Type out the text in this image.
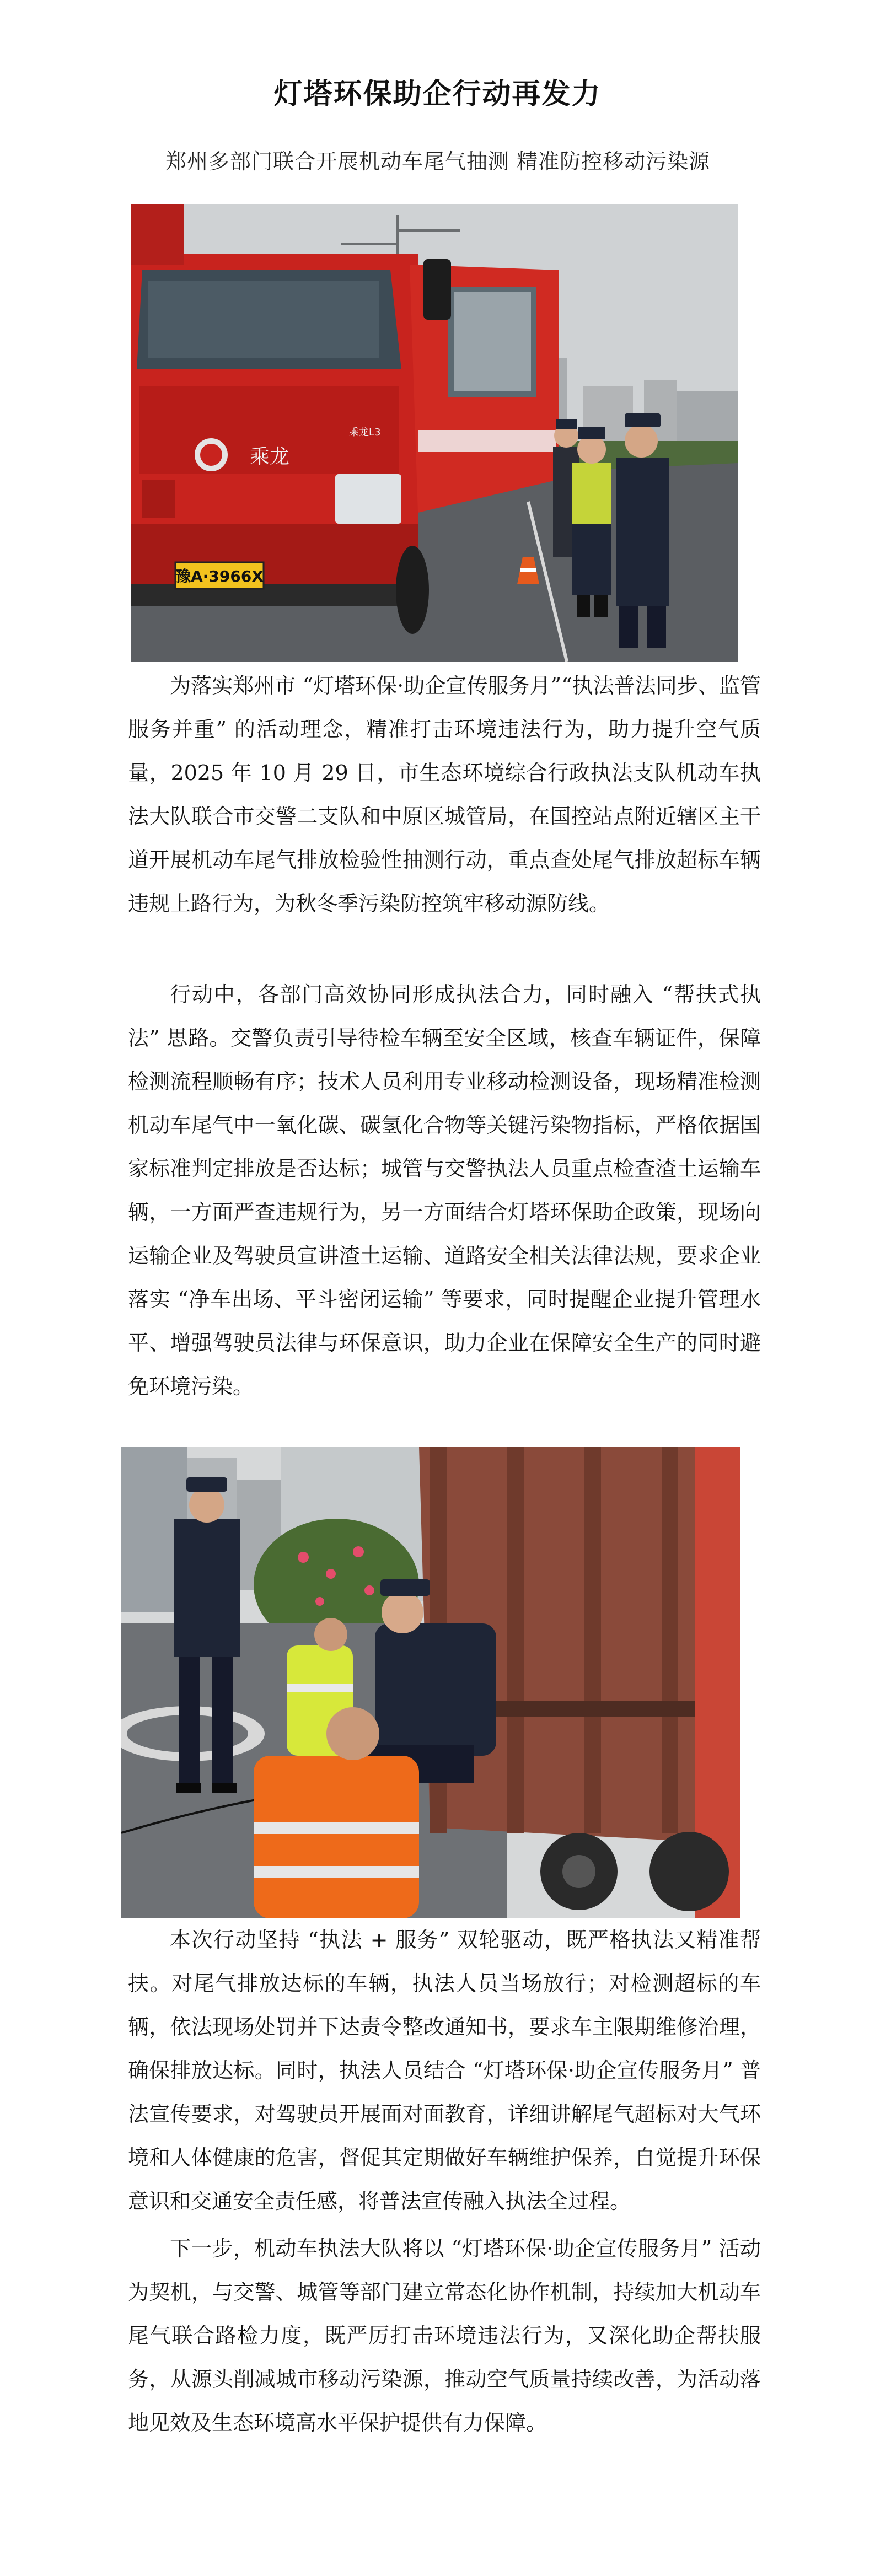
灯塔环保助企行动再发力
郑州多部门联合开展机动车尾气抽测 精准防控移动污染源
乘龙
乘龙L3
豫A·3966X

为落实郑州市 “灯塔环保·助企宣传服务月”“执法普法同步、监管服务并重” 的活动理念，精准打击环境违法行为，助力提升空气质量，2025 年 10 月 29 日，市生态环境综合行政执法支队机动车执法大队联合市交警二支队和中原区城管局，在国控站点附近辖区主干道开展机动车尾气排放检验性抽测行动，重点查处尾气排放超标车辆违规上路行为，为秋冬季污染防控筑牢移动源防线。

行动中，各部门高效协同形成执法合力，同时融入 “帮扶式执法” 思路。交警负责引导待检车辆至安全区域，核查车辆证件，保障检测流程顺畅有序；技术人员利用专业移动检测设备，现场精准检测机动车尾气中一氧化碳、碳氢化合物等关键污染物指标，严格依据国家标准判定排放是否达标；城管与交警执法人员重点检查渣土运输车辆，一方面严查违规行为，另一方面结合灯塔环保助企政策，现场向运输企业及驾驶员宣讲渣土运输、道路安全相关法律法规，要求企业落实 “净车出场、平斗密闭运输” 等要求，同时提醒企业提升管理水平、增强驾驶员法律与环保意识，助力企业在保障安全生产的同时避免环境污染。

本次行动坚持 “执法 + 服务” 双轮驱动，既严格执法又精准帮扶。对尾气排放达标的车辆，执法人员当场放行；对检测超标的车辆，依法现场处罚并下达责令整改通知书，要求车主限期维修治理，确保排放达标。同时，执法人员结合 “灯塔环保·助企宣传服务月” 普法宣传要求，对驾驶员开展面对面教育，详细讲解尾气超标对大气环境和人体健康的危害，督促其定期做好车辆维护保养，自觉提升环保意识和交通安全责任感，将普法宣传融入执法全过程。

下一步，机动车执法大队将以 “灯塔环保·助企宣传服务月” 活动为契机，与交警、城管等部门建立常态化协作机制，持续加大机动车尾气联合路检力度，既严厉打击环境违法行为，又深化助企帮扶服务，从源头削减城市移动污染源，推动空气质量持续改善，为活动落地见效及生态环境高水平保护提供有力保障。
